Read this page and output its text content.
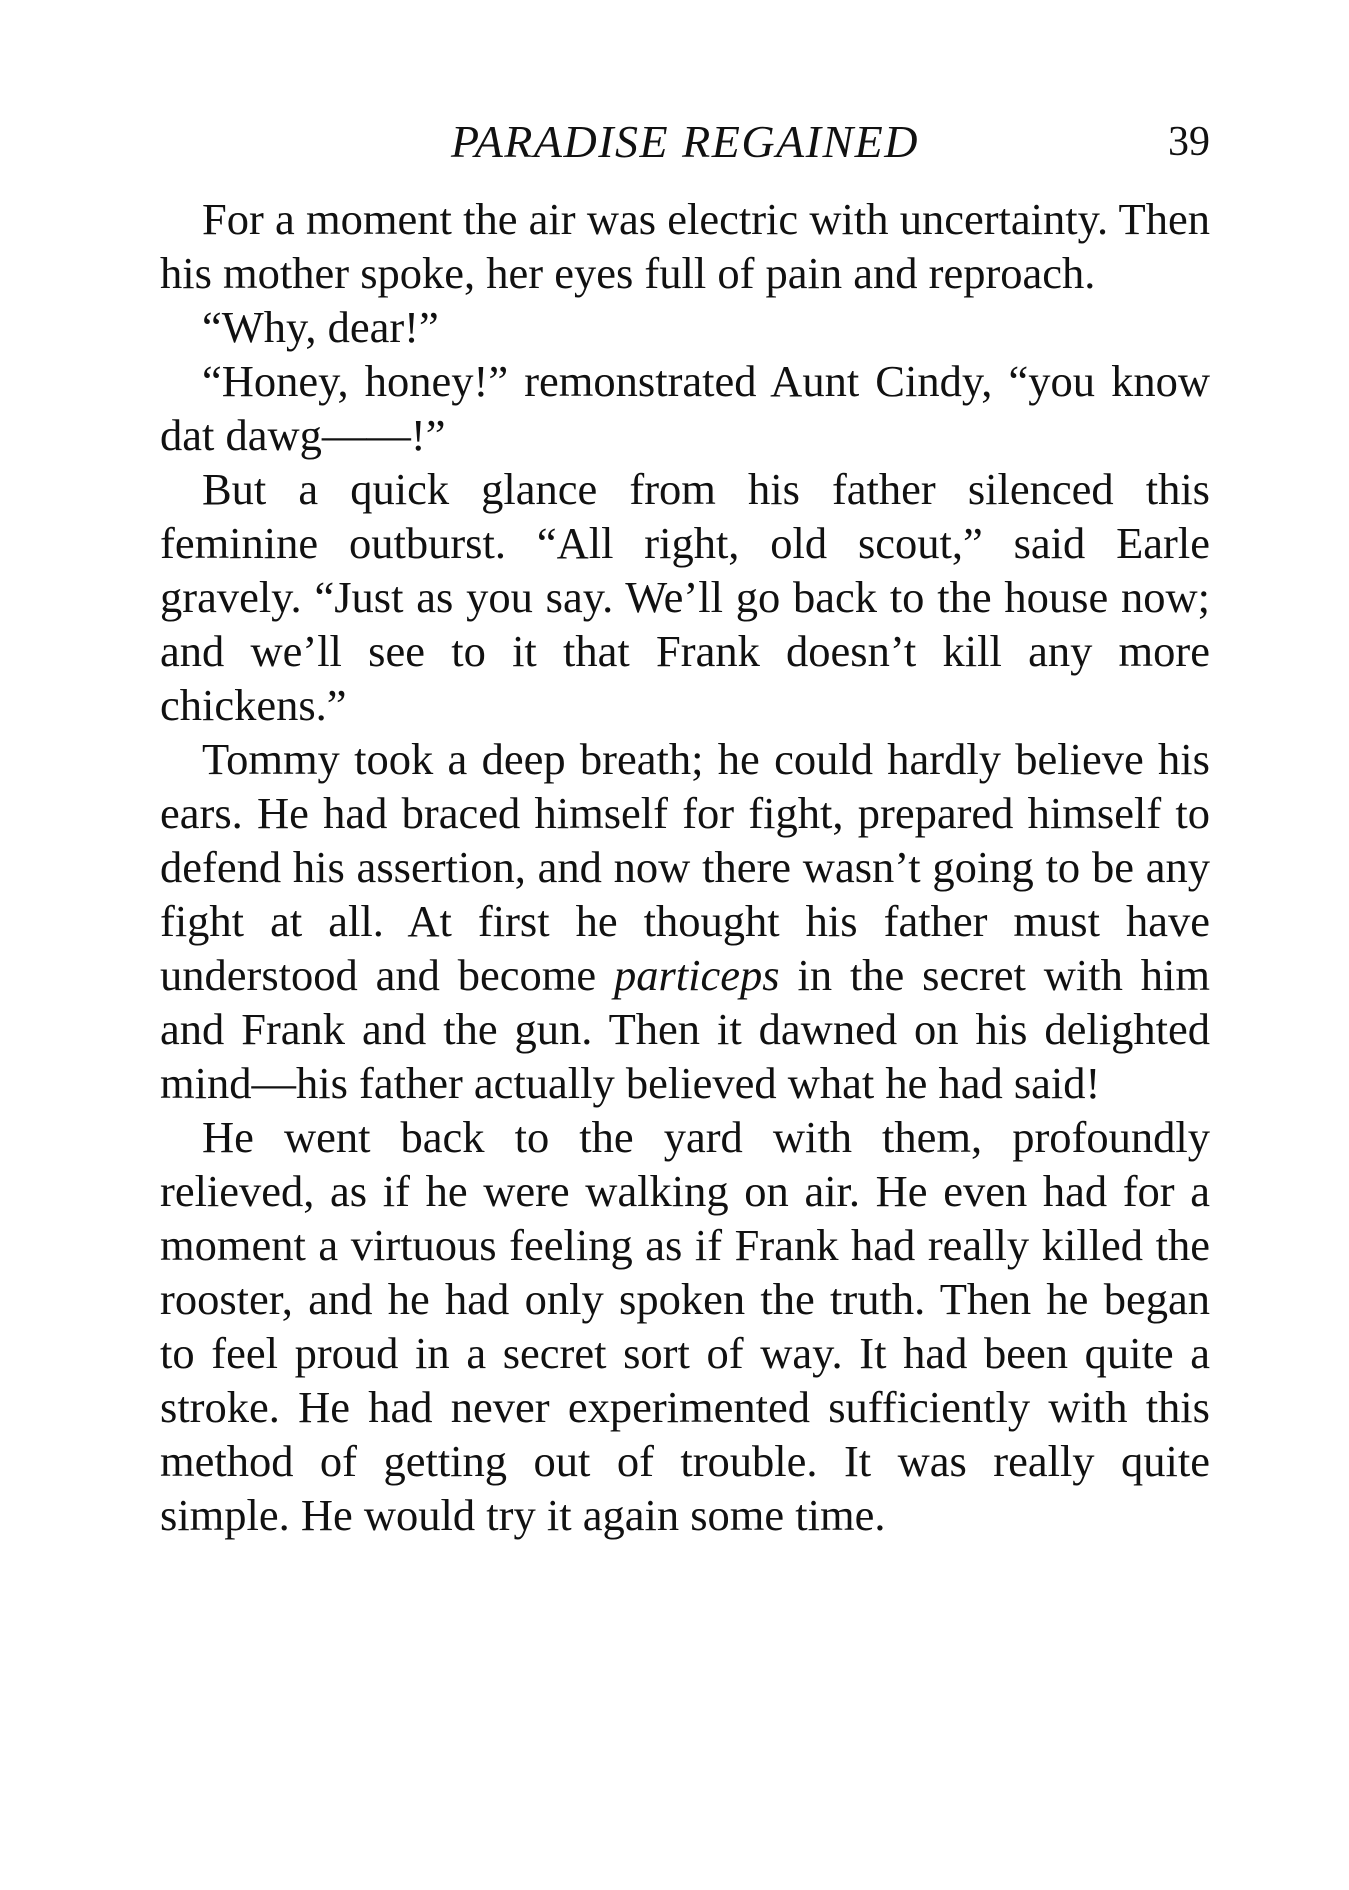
PARADISE REGAINED	39

For a moment the air was electric with uncertainty. Then his mother spoke, her eyes full of pain and reproach.

“Why, dear!”

“Honey, honey!” remonstrated Aunt Cindy, “you know dat dawg——!”

But a quick glance from his father silenced this feminine outburst. “All right, old scout,” said Earle gravely. “Just as you say. We’ll go back to the house now; and we’ll see to it that Frank doesn’t kill any more chickens.”

Tommy took a deep breath; he could hardly believe his ears. He had braced himself for fight, prepared himself to defend his assertion, and now there wasn’t going to be any fight at all. At first he thought his father must have understood and become particeps in the secret with him and Frank and the gun. Then it dawned on his delighted mind—his father actually believed what he had said!

He went back to the yard with them, profoundly relieved, as if he were walking on air. He even had for a moment a virtuous feeling as if Frank had really killed the rooster, and he had only spoken the truth. Then he began to feel proud in a secret sort of way. It had been quite a stroke. He had never experimented sufficiently with this method of getting out of trouble. It was really quite simple. He would try it again some time.
